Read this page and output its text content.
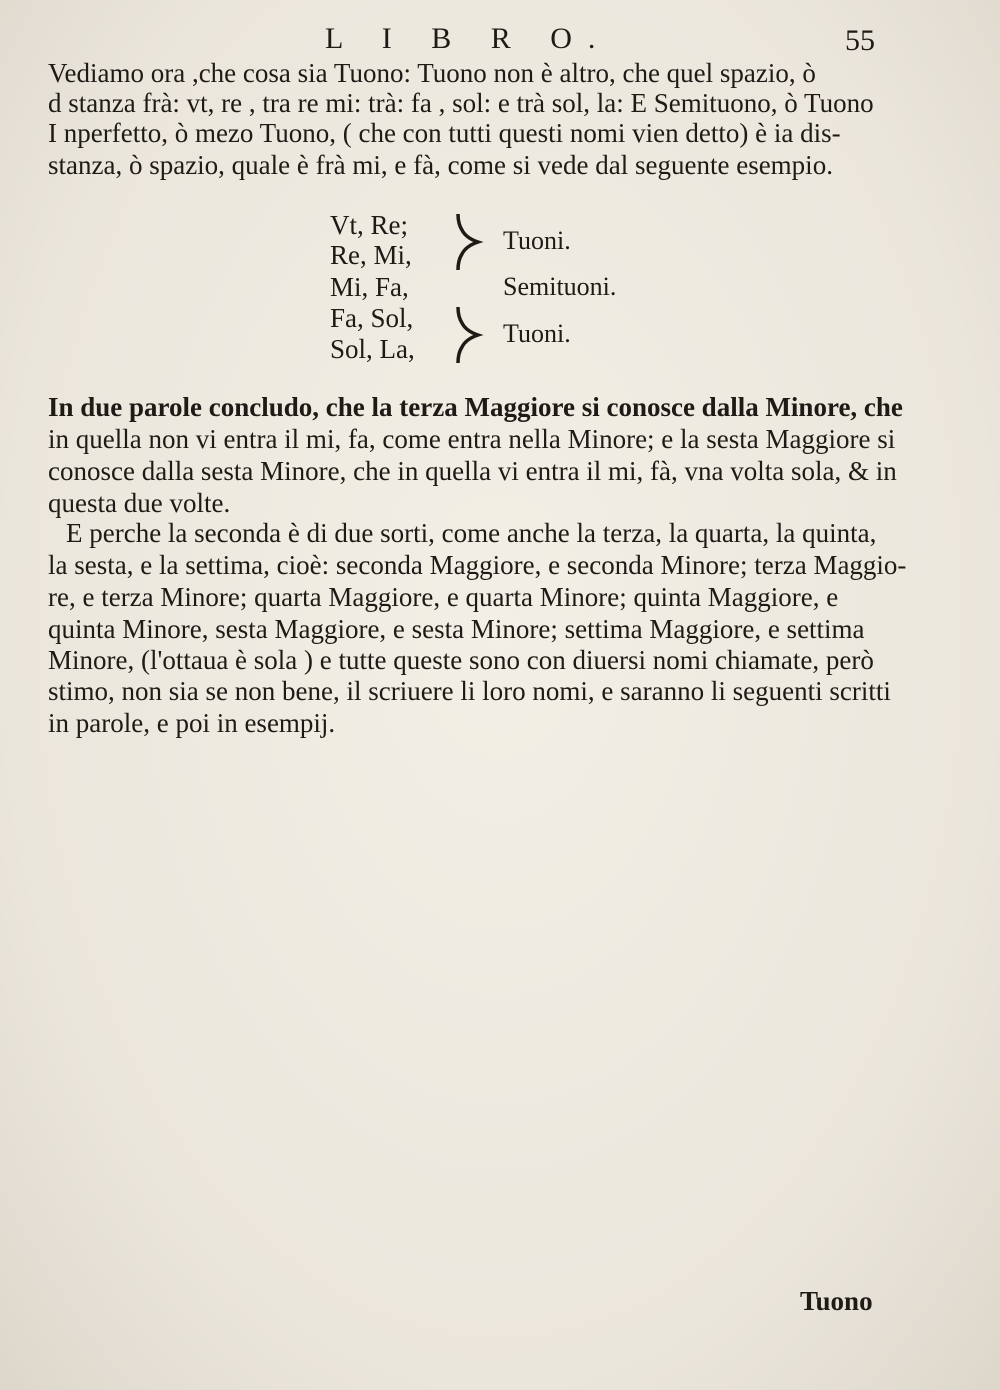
L I B R O.	55
Vediamo ora ,che cosa sia Tuono: Tuono non è altro, che quel spazio, ò
d stanza frà: vt, re , tra re mi: trà: fa , sol: e trà sol, la: E Semituono, ò Tuono
I nperfetto, ò mezo Tuono, ( che con tutti questi nomi vien detto) è ia dis-
stanza, ò spazio, quale è frà mi, e fà, come si vede dal seguente esempio.
Vt, Re;
Re, Mi,
Mi, Fa,
Fa, Sol,
Sol, La,
Tuoni.
Semituoni.
Tuoni.
In due parole concludo, che la terza Maggiore si conosce dalla Minore, che
in quella non vi entra il mi, fa, come entra nella Minore; e la sesta Maggiore si
conosce dalla sesta Minore, che in quella vi entra il mi, fà, vna volta sola, & in
questa due volte.
E perche la seconda è di due sorti, come anche la terza, la quarta, la quinta,
la sesta, e la settima, cioè: seconda Maggiore, e seconda Minore; terza Maggio-
re, e terza Minore; quarta Maggiore, e quarta Minore; quinta Maggiore, e
quinta Minore, sesta Maggiore, e sesta Minore; settima Maggiore, e settima
Minore, (l'ottaua è sola ) e tutte queste sono con diuersi nomi chiamate, però
stimo, non sia se non bene, il scriuere li loro nomi, e saranno li seguenti scritti
in parole, e poi in esempij.
Tuono
